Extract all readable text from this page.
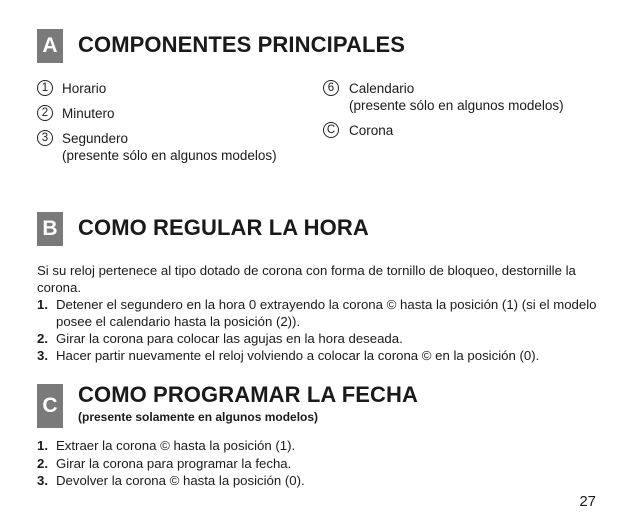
A COMPONENTES PRINCIPALES
1	Horario
2	Minutero
3	Segundero
(presente sólo en algunos modelos)
6	Calendario
(presente sólo en algunos modelos)
C Corona
B COMO REGULAR LA HORA
Si su reloj pertenece al tipo dotado de corona con forma de tornillo de bloqueo, destornille la corona.
1. Detener el segundero en la hora 0 extrayendo la corona © hasta la posición (1) (si el modelo posee el calendario hasta la posición (2)).
2. Girar la corona para colocar las agujas en la hora deseada.
3. Hacer partir nuevamente el reloj volviendo a colocar la corona © en la posición (0).
C COMO PROGRAMAR LA FECHA
(presente solamente en algunos modelos)
1. Extraer la corona © hasta la posición (1).
2. Girar la corona para programar la fecha.
3. Devolver la corona © hasta la posición (0).
27
